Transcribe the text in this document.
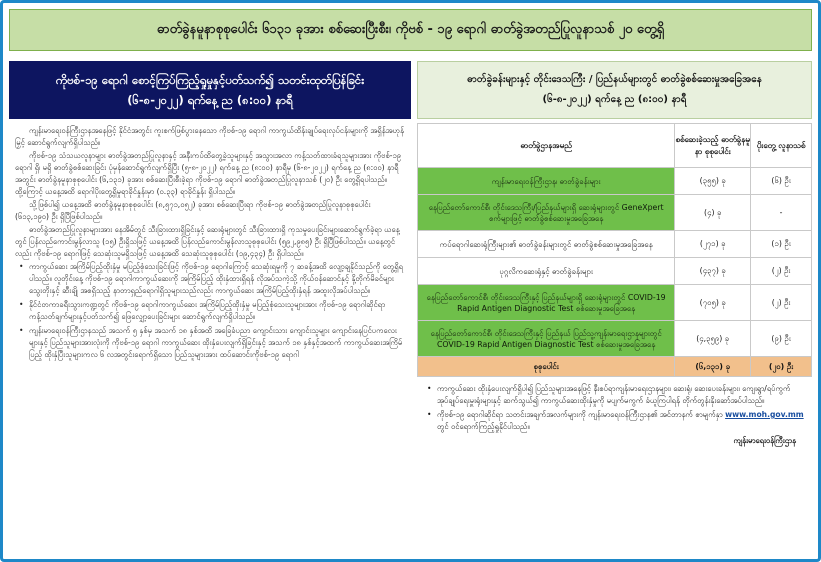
ဓာတ်ခွဲနမူနာစုစုပေါင်း ၆၁၃၁ ခုအား စစ်ဆေးပြီးစီး၊ ကိုဗစ် - ၁၉ ရောဂါ ဓာတ်ခွဲအတည်ပြုလူနာသစ် ၂၀ တွေ့ရှိ
ကိုဗစ်-၁၉ ရောဂါ စောင့်ကြပ်ကြည့်ရှုမှုနှင့်ပတ်သက်၍ သတင်းထုတ်ပြန်ခြင်း
(၆-၈-၂၀၂၂) ရက်နေ့ ည (၈:၀၀) နာရီ

ကျန်းမာရေးဝန်ကြီးဌာနအနေဖြင့် နိုင်ငံအတွင်း ကူးစက်ဖြစ်ပွားနေသော ကိုဗစ်-၁၉ ရောဂါ ကာကွယ်ထိန်းချုပ်ရေးလုပ်ငန်းများကို အရှိန်အဟုန်မြှင့် ဆောင်ရွက်လျက်ရှိပါသည်။

ကိုဗစ်-၁၉ သံသယလူနာများ ဓာတ်ခွဲအတည်ပြုလူနာနှင့် အနီးကပ်ထိတွေ့ခဲ့သူများနှင့် အသွားအလာ ကန့်သတ်ထားခံရသူများအား ကိုဗစ်-၁၉ ရောဂါ ရှိ၊ မရှိ ဓာတ်ခွဲစစ်ဆေးခြင်း ပုံမှန်ဆောင်ရွက်လျက်ရှိပြီး (၅-၈-၂၀၂၂) ရက်နေ့ ည (၈:၀၀) နာရီမှ (၆-၈-၂၀၂၂) ရက်နေ့ ည (၈:၀၀) နာရီအတွင်း ဓာတ်ခွဲနမူနာစုစုပေါင်း (၆,၁၃၁) ခုအား စစ်ဆေးပြီးစီးခဲ့ရာ ကိုဗစ်-၁၉ ရောဂါ ဓာတ်ခွဲအတည်ပြုလူနာသစ် (၂၀) ဦး တွေ့ရှိရပါသည်။ ထို့ကြောင့် ယနေ့အထိ ရောဂါပိုးတွေ့ရှိမှုရာခိုင်နှုန်းမှာ (၀.၃၃) ရာခိုင်နှုန်း ရှိပါသည်။

သို့ဖြစ်ပါ၍ ယနေ့အထိ ဓာတ်ခွဲနမူနာစုစုပေါင်း (၈,၅၇၁,၀၅၂) ခုအား စစ်ဆေးပြီးရာ ကိုဗစ်-၁၉ ဓာတ်ခွဲအတည်ပြုလူနာစုစုပေါင်း (၆၁၃,၁၉၀) ဦး ရှိပြီဖြစ်ပါသည်။

ဓာတ်ခွဲအတည်ပြုလူနာများအား နေအိမ်တွင် သီးခြားထားရှိခြင်းနှင့် ဆေးရုံများတွင် သီးခြားထားရှိ ကုသမှုပေးခြင်းများဆောင်ရွက်ခဲ့ရာ ယနေ့တွင် ပြန်လည်ကောင်းမွန်လာသူ (၁၅) ဦးရှိသဖြင့် ယနေ့အထိ ပြန်လည်ကောင်းမွန်လာသူစုစုပေါင်း (၅၉၂,၉၈၅) ဦး ရှိပြီဖြစ်ပါသည်။ ယနေ့တွင်လည်း ကိုဗစ်-၁၉ ရောဂါဖြင့် သေဆုံးသူမရှိသဖြင့် ယနေ့အထိ သေဆုံးသူစုစုပေါင်း (၁၉,၄၃၄) ဦး ရှိပါသည်။

• ကာကွယ်ဆေး အကြိမ်ပြည့်ထိုးနှံမှု မပြည့်စုံသေးခြင်းဖြင့် ကိုဗစ်-၁၉ ရောဂါကြောင့် သေဆုံးရမှုကို ၇ ဆခန့်အထိ လျော့ချနိုင်သည်ကို တွေ့ရှိရပါသည်။ လူတိုင်းနေ့ ကိုဗစ်-၁၉ ရောဂါကာကွယ်ဆေးကို အကြိမ်ပြည့် ထိုးနှံထားရှိရန် လိုအပ်သကဲ့သို့ ကိုယ်ဝန်ဆောင်နှင့် နို့တိုက်မိခင်များ သွေးတိုးနှင့် ဆီးချို အစရှိသည့် နာတာရှည်ရောဂါရှိသူများသည်လည်း ကာကွယ်ဆေး အကြိမ်ပြည့်ထိုးနှံရန် အထူးလိုအပ်ပါသည်။
• နိုင်ငံတကာခရီးသွားကဏ္ဍတွင် ကိုဗစ်-၁၉ ရောဂါကာကွယ်ဆေး အကြိမ်ပြည့်ထိုးနှံမှု မပြည့်စုံသေးသူများအား ကိုဗစ်-၁၉ ရောဂါဆိုင်ရာ ကန့်သတ်ချက်များနှင့်ပတ်သက်၍ ဖြေလျှော့ပေးခြင်းများ ဆောင်ရွက်လျက်ရှိပါသည်။
• ကျန်းမာရေးဝန်ကြီးဌာနသည် အသက် ၅ နှစ်မှ အသက် ၁၈ နှစ်အထိ အခြေခံပညာ ကျောင်းသား ကျောင်းသူများ ကျောင်းနေပြင်ပကလေးများနှင့် ပြည်သူများအားလုံးကို ကိုဗစ်-၁၉ ရောဂါ ကာကွယ်ဆေး ထိုးနှံပေးလျက်ရှိခြင်းနှင့် အသက် ၁၈ နှစ်နှင့်အထက် ကာကွယ်ဆေးအကြိမ်ပြည့် ထိုးနှံပြီးသူများကလ ၆ လအတွင်းရောက်ရှိသော ပြည်သူများအား ထပ်ဆောင်းကိုဗစ်-၁၉ ရောဂါ
ဓာတ်ခွဲခန်းများနှင့် တိုင်းဒေသကြီး / ပြည်နယ်များတွင် ဓာတ်ခွဲစစ်ဆေးမှုအခြေအနေ
(၆-၈-၂၀၂၂) ရက်နေ့ ည (၈:၀၀) နာရီ
ဓာတ်ခွဲဌာနအမည်	စစ်ဆေးခဲ့သည့် ဓာတ်ခွဲနမူနာ စုစုပေါင်း	ပိုးတွေ့ လူနာသစ်
ကျန်းမာရေးဝန်ကြီးဌာန၊ ဓာတ်ခွဲခန်းများ	(၃၅၅) ခု	(၆) ဦး
နေပြည်တော်ကောင်စီ၊ တိုင်းဒေသကြီး/ပြည်နယ်များရှိ ဆေးရုံများတွင် GeneXpert စက်များဖြင့် ဓာတ်ခွဲစစ်ဆေးမှုအခြေအနေ	(၄) ခု	-
ကပ်ရောဂါဆေးရုံကြီးများ၏ ဓာတ်ခွဲခန်းများတွင် ဓာတ်ခွဲစစ်ဆေးမှုအခြေအနေ	(၂၇၁) ခု	(၁) ဦး
ပုဂ္ဂလိကဆေးရုံနှင့် ဓာတ်ခွဲခန်းများ	(၄၃၇) ခု	(၂) ဦး
နေပြည်တော်ကောင်စီ၊ တိုင်းဒေသကြီးနှင့် ပြည်နယ်များရှိ ဆေးရုံများတွင် COVID-19 Rapid Antigen Diagnostic Test စစ်ဆေးမှုအခြေအနေ	(၇၀၅) ခု	(၂) ဦး
နေပြည်တော်ကောင်စီ၊ တိုင်းဒေသကြီးနှင့် ပြည်နယ် ပြည်သူ့ကျန်းမာရေးဌာနများတွင် COVID-19 Rapid Antigen Diagnostic Test စစ်ဆေးမှုအခြေအနေ	(၄,၃၅၉) ခု	(၉) ဦး
စုစုပေါင်း	(၆,၁၃၁) ခု	(၂၀) ဦး
• ကာကွယ်ဆေး ထိုးနှံပေးလျက်ရှိပါ၍ ပြည်သူများအနေဖြင့် နီးစပ်ရာကျန်းမာရေးဌာနများ၊ ဆေးရုံ၊ ဆေးပေးခန်းများ၊ ကျေးရွာ/ရပ်ကွက်အုပ်ချုပ်ရေးမှူးရုံးများနှင့် ဆက်သွယ်၍ ကာကွယ်ဆေးထိုးနှံမှုကို မပျက်မကွက် ခံယူကြပါရန် တိုက်တွန်းနိုးဆော်အပ်ပါသည်။
• ကိုဗစ်-၁၉ ရောဂါဆိုင်ရာ သတင်းအချက်အလက်များကို ကျန်းမာရေးဝန်ကြီးဌာန၏ အင်တာနက် စာမျက်နှာ www.moh.gov.mm တွင် ဝင်ရောက်ကြည့်ရှုနိုင်ပါသည်။
ကျန်းမာရေးဝန်ကြီးဌာန
